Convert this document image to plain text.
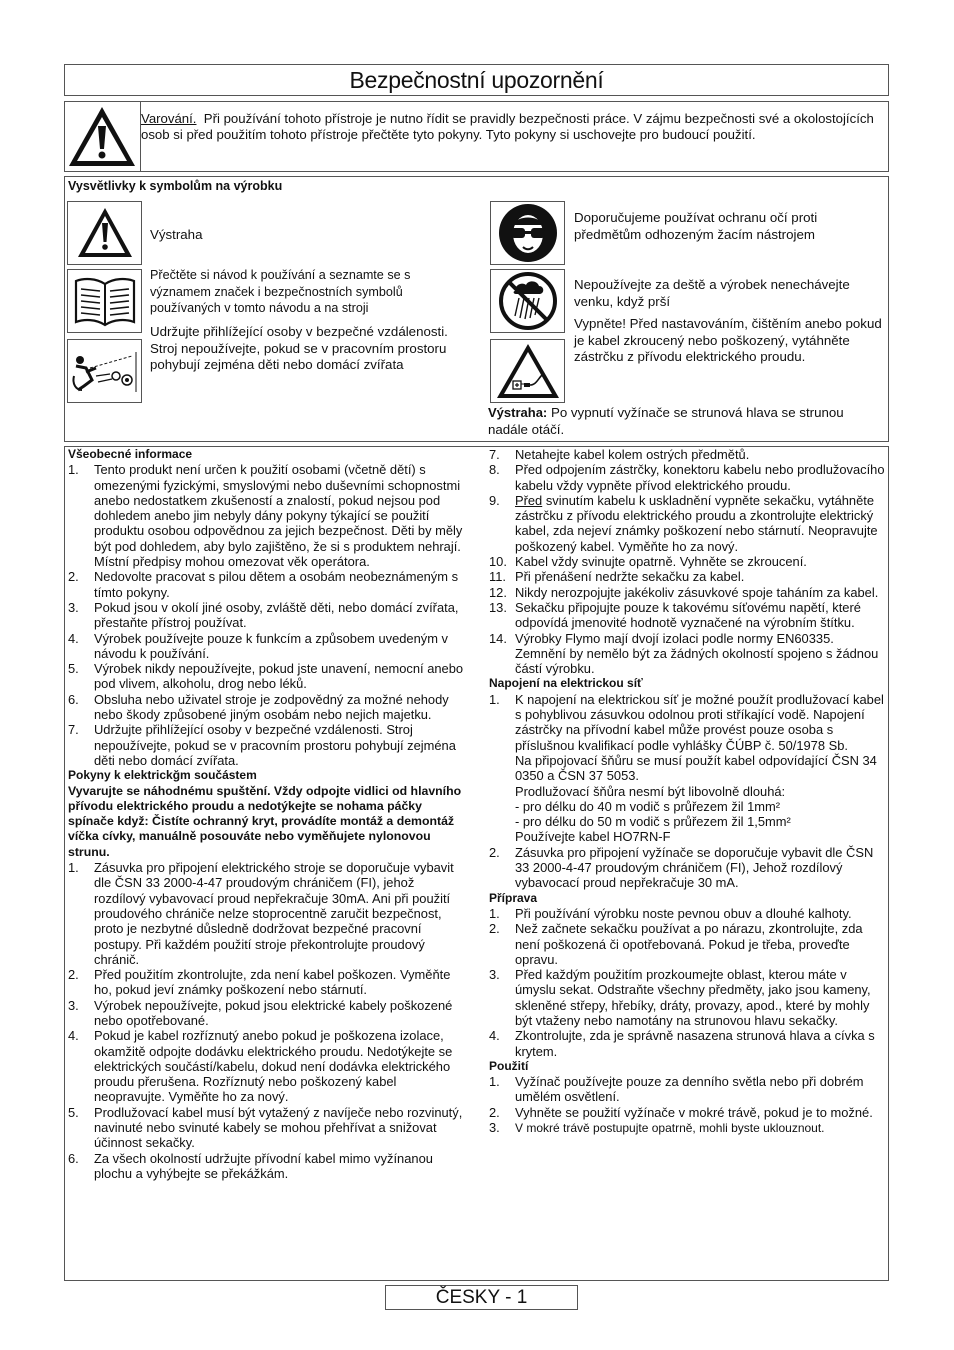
Bezpečnostní upozornění
Varování. Při používání tohoto přístroje je nutno řídit se pravidly bezpečnosti práce. V zájmu bezpečnosti své a okolostojících osob si před použitím tohoto přístroje přečtěte tyto pokyny. Tyto pokyny si uschovejte pro budoucí použití.
Vysvětlivky k symbolům na výrobku
Výstraha
Přečtěte si návod k používání a seznamte se s významem značek i bezpečnostních symbolů používaných v tomto návodu a na stroji
Udržujte přihlížející osoby v bezpečné vzdálenosti. Stroj nepoužívejte, pokud se v pracovním prostoru pohybují zejména děti nebo domácí zvířata
Doporučujeme používat ochranu očí proti předmětům odhozeným žacím nástrojem
Nepoužívejte za deště a výrobek nenechávejte venku, když prší
Vypněte! Před nastavováním, čištěním anebo pokud je kabel zkroucený nebo poškozený, vytáhněte zástrčku z přívodu elektrického proudu.
Výstraha: Po vypnutí vyžínače se strunová hlava se strunou nadále otáčí.
Všeobecné informace
1. Tento produkt není určen k použití osobami (včetně dětí) s omezenými fyzickými, smyslovými nebo duševními schopnostmi anebo nedostatkem zkušeností a znalostí, pokud nejsou pod dohledem anebo jim nebyly dány pokyny týkající se použití produktu osobou odpovědnou za jejich bezpečnost. Děti by měly být pod dohledem, aby bylo zajištěno, že si s produktem nehrají. Místní předpisy mohou omezovat věk operátora.
2. Nedovolte pracovat s pilou dětem a osobám neobeznámeným s tímto pokyny.
3. Pokud jsou v okolí jiné osoby, zvláště děti, nebo domácí zvířata, přestaňte přístroj používat.
4. Výrobek používejte pouze k funkcím a způsobem uvedeným v návodu k používání.
5. Výrobek nikdy nepoužívejte, pokud jste unavení, nemocní anebo pod vlivem, alkoholu, drog nebo léků.
6. Obsluha nebo uživatel stroje je zodpovědný za možné nehody nebo škody způsobené jiným osobám nebo nejich majetku.
7. Udržujte přihlížející osoby v bezpečné vzdálenosti. Stroj nepoužívejte, pokud se v pracovním prostoru pohybují zejména děti nebo domácí zvířata.
Pokyny k elektrickğm součástem
Vyvarujte se náhodnému spuštění. Vždy odpojte vidlici od hlavního přívodu elektrického proudu a nedotýkejte se nohama páčky spínače když: Čistíte ochranný kryt, provádíte montáž a demontáž víčka cívky, manuálně posouváte nebo vyměňujete nylonovou strunu.
1. Zásuvka pro připojení elektrického stroje se doporučuje vybavit dle ČSN 33 2000-4-47 proudovým chráničem (FI), jehož rozdílový vybavovací proud nepřekračuje 30mA. Ani při použití proudového chrániče nelze stoprocentně zaručit bezpečnost, proto je nezbytné důsledně dodržovat bezpečné pracovní postupy. Při každém použití stroje překontrolujte proudový chránič.
2. Před použitím zkontrolujte, zda není kabel poškozen. Vyměňte ho, pokud jeví známky poškození nebo stárnutí.
3. Výrobek nepoužívejte, pokud jsou elektrické kabely poškozené nebo opotřebované.
4. Pokud je kabel rozříznutý anebo pokud je poškozena izolace, okamžitě odpojte dodávku elektrického proudu. Nedotýkejte se elektrických součástí/kabelu, dokud není dodávka elektrického proudu přerušena. Rozříznutý nebo poškozený kabel neopravujte. Vyměňte ho za nový.
5. Prodlužovací kabel musí být vytažený z navíječe nebo rozvinutý, navinuté nebo svinuté kabely se mohou přehřívat a snižovat účinnost sekačky.
6. Za všech okolností udržujte přívodní kabel mimo vyžínanou plochu a vyhýbejte se překážkám.
7. Netahejte kabel kolem ostrých předmětů.
8. Před odpojením zástrčky, konektoru kabelu nebo prodlužovacího kabelu vždy vypněte přívod elektrického proudu.
9. Před svinutím kabelu k uskladnění vypněte sekačku, vytáhněte zástrčku z přívodu elektrického proudu a zkontrolujte elektrický kabel, zda nejeví známky poškození nebo stárnutí. Neopravujte poškozený kabel. Vyměňte ho za nový.
10. Kabel vždy svinujte opatrně. Vyhněte se zkroucení.
11. Při přenášení nedržte sekačku za kabel.
12. Nikdy nerozpojujte jakékoliv zásuvkové spoje taháním za kabel.
13. Sekačku připojujte pouze k takovému síťovému napětí, které odpovídá jmenovité hodnotě vyznačené na výrobním štítku.
14. Výrobky Flymo mají dvojí izolaci podle normy EN60335. Zemnění by nemělo být za žádných okolností spojeno s žádnou částí výrobku.
Napojení na elektrickou síť
1. K napojení na elektrickou síť je možné použít prodlužovací kabel s pohyblivou zásuvkou odolnou proti stříkající vodě. Napojení zástrčky na přívodní kabel může provést pouze osoba s příslušnou kvalifikací podle vyhlášky ČÚBP č. 50/1978 Sb.
Na připojovací šňůru se musí použít kabel odpovídající ČSN 34 0350 a ČSN 37 5053.
Prodlužovací šňůra nesmí být libovolně dlouhá:
- pro délku do 40 m vodič s průřezem žil 1mm²
- pro délku do 50 m vodič s průřezem žil 1,5mm²
Používejte kabel HO7RN-F
2. Zásuvka pro připojení vyžínače se doporučuje vybavit dle ČSN 33 2000-4-47 proudovým chráničem (FI), Jehož rozdílový vybavocací proud nepřekračuje 30 mA.
Příprava
1. Při používání výrobku noste pevnou obuv a dlouhé kalhoty.
2. Než začnete sekačku používat a po nárazu, zkontrolujte, zda není poškozená či opotřebovaná. Pokud je třeba, proveďte opravu.
3. Před každým použitím prozkoumejte oblast, kterou máte v úmyslu sekat. Odstraňte všechny předměty, jako jsou kameny, skleněné střepy, hřebíky, dráty, provazy, apod., které by mohly být vtaženy nebo namotány na strunovou hlavu sekačky.
4. Zkontrolujte, zda je správně nasazena strunová hlava a cívka s krytem.
Použití
1. Vyžínač používejte pouze za denního světla nebo při dobrém umělém osvětlení.
2. Vyhněte se použití vyžínače v mokré trávě, pokud je to možné.
3. V mokré trávě postupujte opatrně, mohli byste uklouznout.
ČESKY - 1
